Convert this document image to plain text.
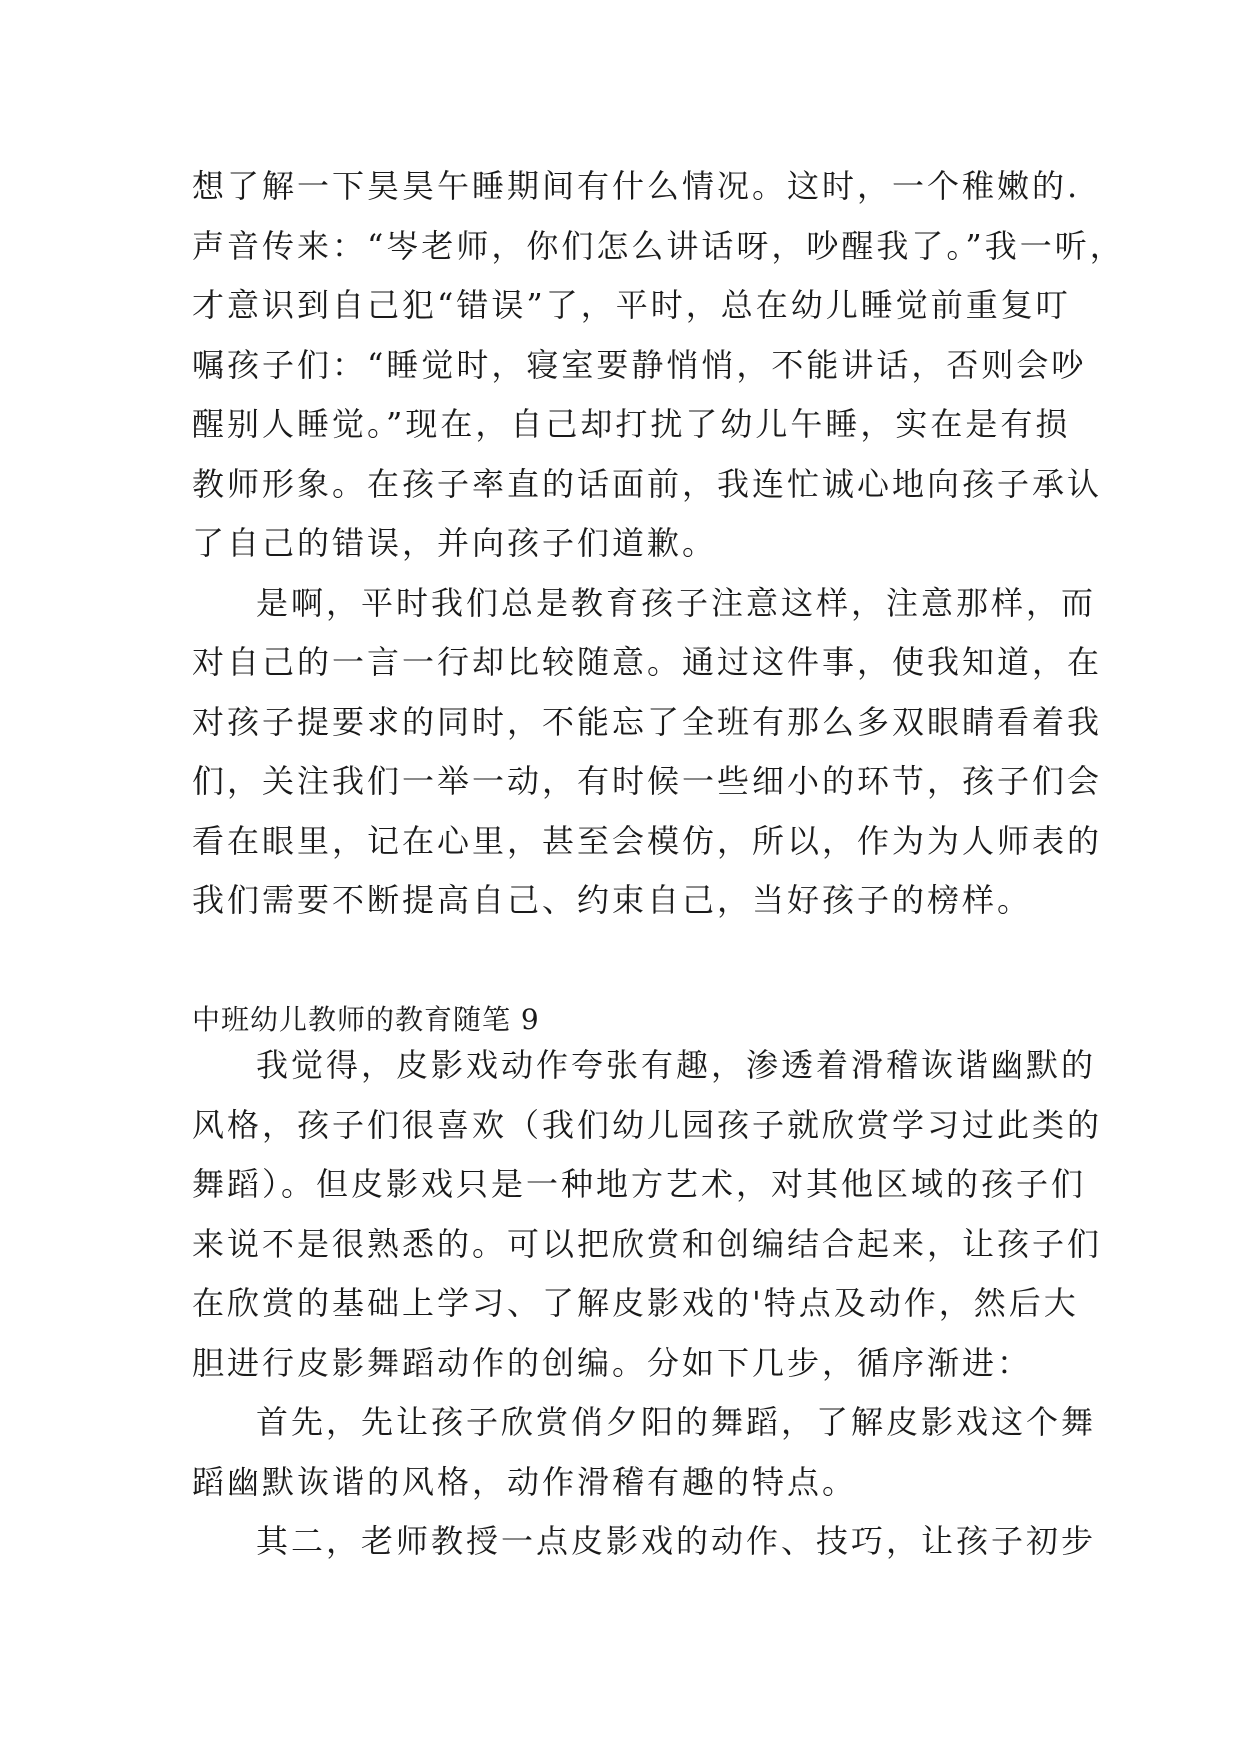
想了解一下昊昊午睡期间有什么情况。这时，一个稚嫩的.
声音传来：“岑老师，你们怎么讲话呀，吵醒我了。”我一听，
才意识到自己犯“错误”了，平时，总在幼儿睡觉前重复叮
嘱孩子们：“睡觉时，寝室要静悄悄，不能讲话，否则会吵
醒别人睡觉。”现在，自己却打扰了幼儿午睡，实在是有损
教师形象。在孩子率直的话面前，我连忙诚心地向孩子承认
了自己的错误，并向孩子们道歉。
是啊，平时我们总是教育孩子注意这样，注意那样，而
对自己的一言一行却比较随意。通过这件事，使我知道，在
对孩子提要求的同时，不能忘了全班有那么多双眼睛看着我
们，关注我们一举一动，有时候一些细小的环节，孩子们会
看在眼里，记在心里，甚至会模仿，所以，作为为人师表的
我们需要不断提高自己、约束自己，当好孩子的榜样。
中班幼儿教师的教育随笔 9
我觉得，皮影戏动作夸张有趣，渗透着滑稽诙谐幽默的
风格，孩子们很喜欢（我们幼儿园孩子就欣赏学习过此类的
舞蹈）。但皮影戏只是一种地方艺术，对其他区域的孩子们
来说不是很熟悉的。可以把欣赏和创编结合起来，让孩子们
在欣赏的基础上学习、了解皮影戏的'特点及动作，然后大
胆进行皮影舞蹈动作的创编。分如下几步，循序渐进：
首先，先让孩子欣赏俏夕阳的舞蹈，了解皮影戏这个舞
蹈幽默诙谐的风格，动作滑稽有趣的特点。
其二，老师教授一点皮影戏的动作、技巧，让孩子初步
